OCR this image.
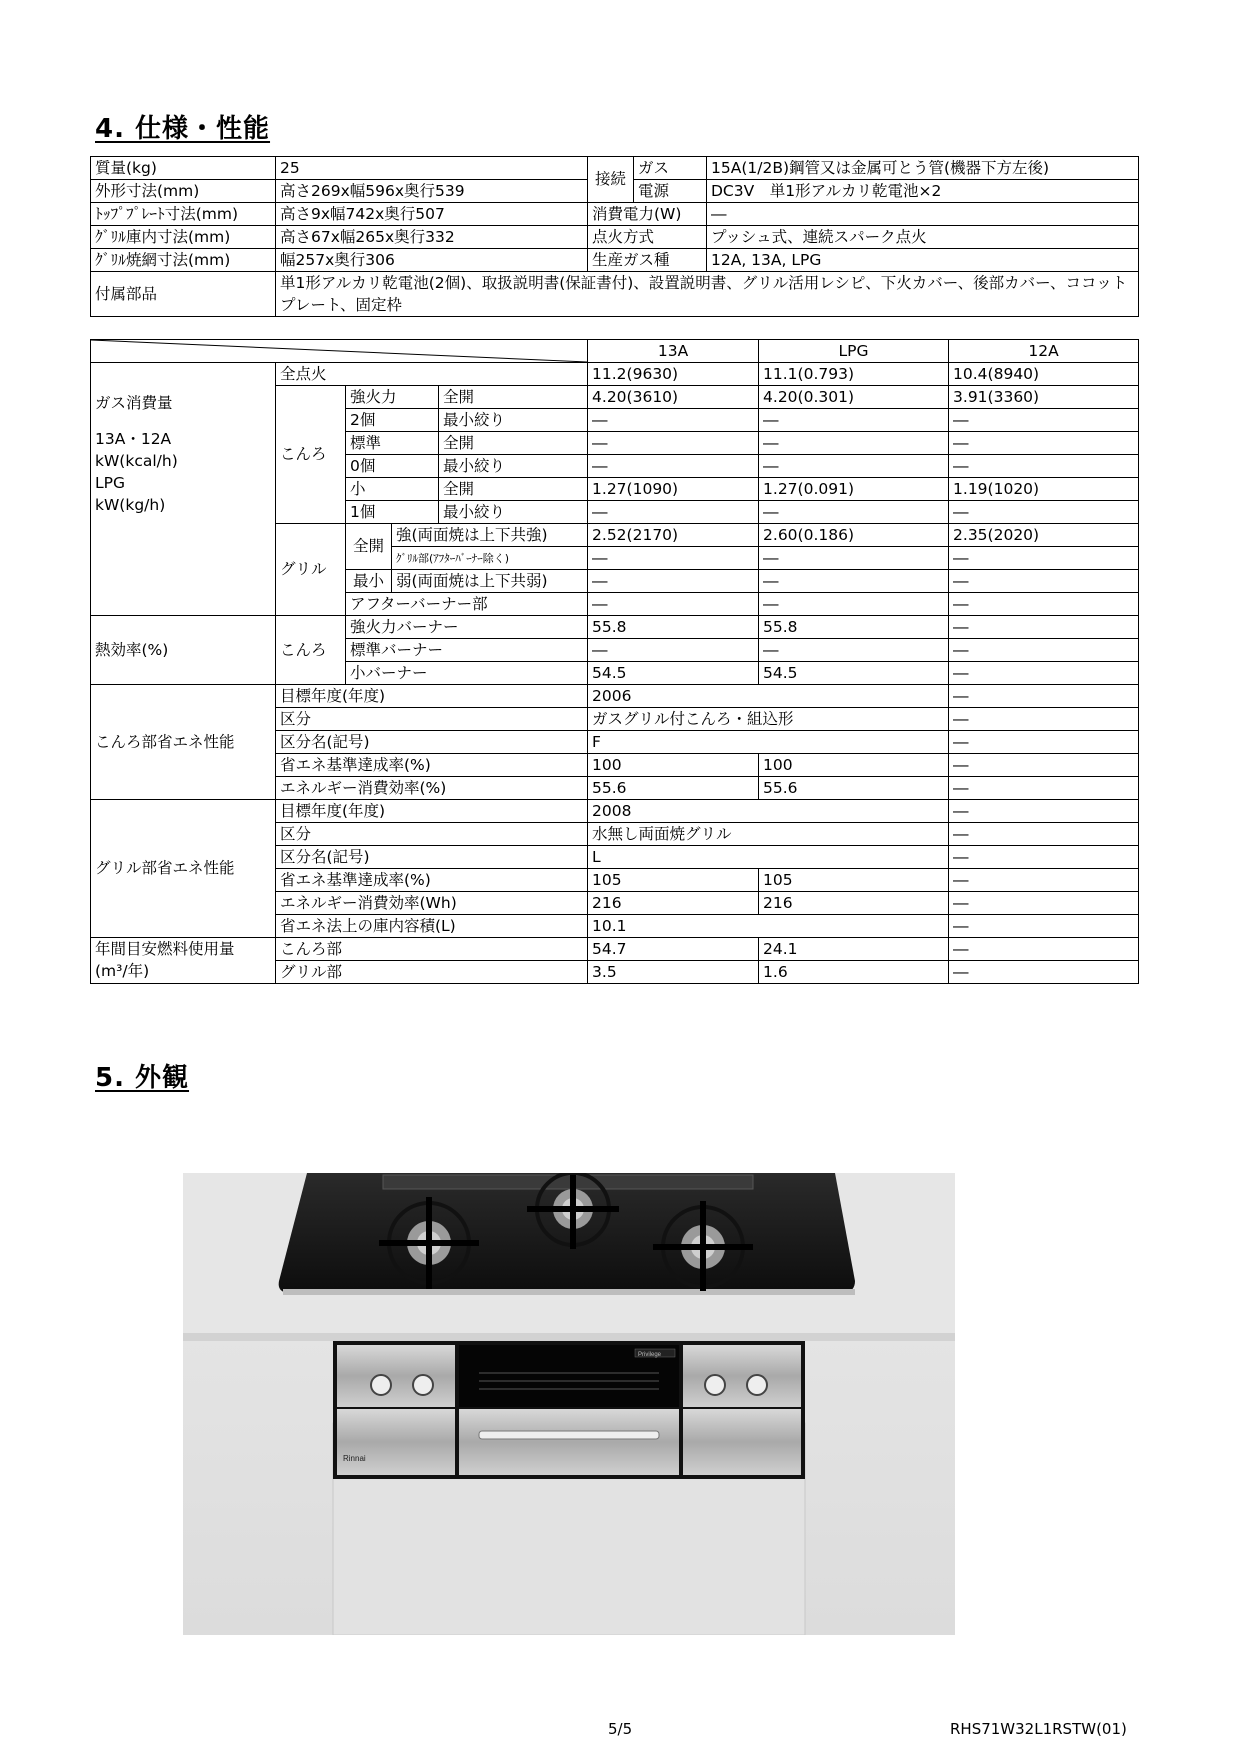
4. 仕様・性能
質量(kg)	25	接続	ガス	15A(1/2B)鋼管又は金属可とう管(機器下方左後)
外形寸法(mm)	高さ269x幅596x奥行539		電源	DC3V　単1形アルカリ乾電池×2
ﾄｯﾌﾟﾌﾟﾚｰﾄ寸法(mm)	高さ9x幅742x奥行507	消費電力(W)		―
ｸﾞﾘﾙ庫内寸法(mm)	高さ67x幅265x奥行332	点火方式		プッシュ式、連続スパーク点火
ｸﾞﾘﾙ焼網寸法(mm)	幅257x奥行306	生産ガス種		12A, 13A, LPG
付属部品	単1形アルカリ乾電池(2個)、取扱説明書(保証書付)、設置説明書、グリル活用レシピ、下火カバー、後部カバー、ココットプレート、固定枠			
	13A	LPG	12A

ガス消費量
13A・12A
kW(kcal/h)
LPG
kW(kg/h)	全点火				11.2(9630)	11.1(0.793)	10.4(8940)
	こんろ	強火力		全開	4.20(3610)	4.20(0.301)	3.91(3360)
		2個		最小絞り	―	―	―
		標準		全開	―	―	―
		0個		最小絞り	―	―	―
		小		全開	1.27(1090)	1.27(0.091)	1.19(1020)
		1個		最小絞り	―	―	―
	グリル	全開	強(両面焼は上下共強)		2.52(2170)	2.60(0.186)	2.35(2020)
			ｸﾞﾘﾙ部(ｱﾌﾀｰﾊﾞｰﾅｰ除く)		―	―	―
		最小	弱(両面焼は上下共弱)		―	―	―
		アフターバーナー部			―	―	―
熱効率(%)	こんろ	強火力バーナー			55.8	55.8	―
		標準バーナー			―	―	―
		小バーナー			54.5	54.5	―
こんろ部省エネ性能	目標年度(年度)				2006		―
	区分				ガスグリル付こんろ・組込形		―
	区分名(記号)				F		―
	省エネ基準達成率(%)				100	100	―
	エネルギー消費効率(%)				55.6	55.6	―
グリル部省エネ性能	目標年度(年度)				2008		―
	区分				水無し両面焼グリル		―
	区分名(記号)				L		―
	省エネ基準達成率(%)				105	105	―
	エネルギー消費効率(Wh)				216	216	―
	省エネ法上の庫内容積(L)				10.1		―
年間目安燃料使用量	こんろ部				54.7	24.1	―
(m³/年)	グリル部				3.5	1.6	―
5. 外観
Rinnai
Privilege
5/5	RHS71W32L1RSTW(01)
